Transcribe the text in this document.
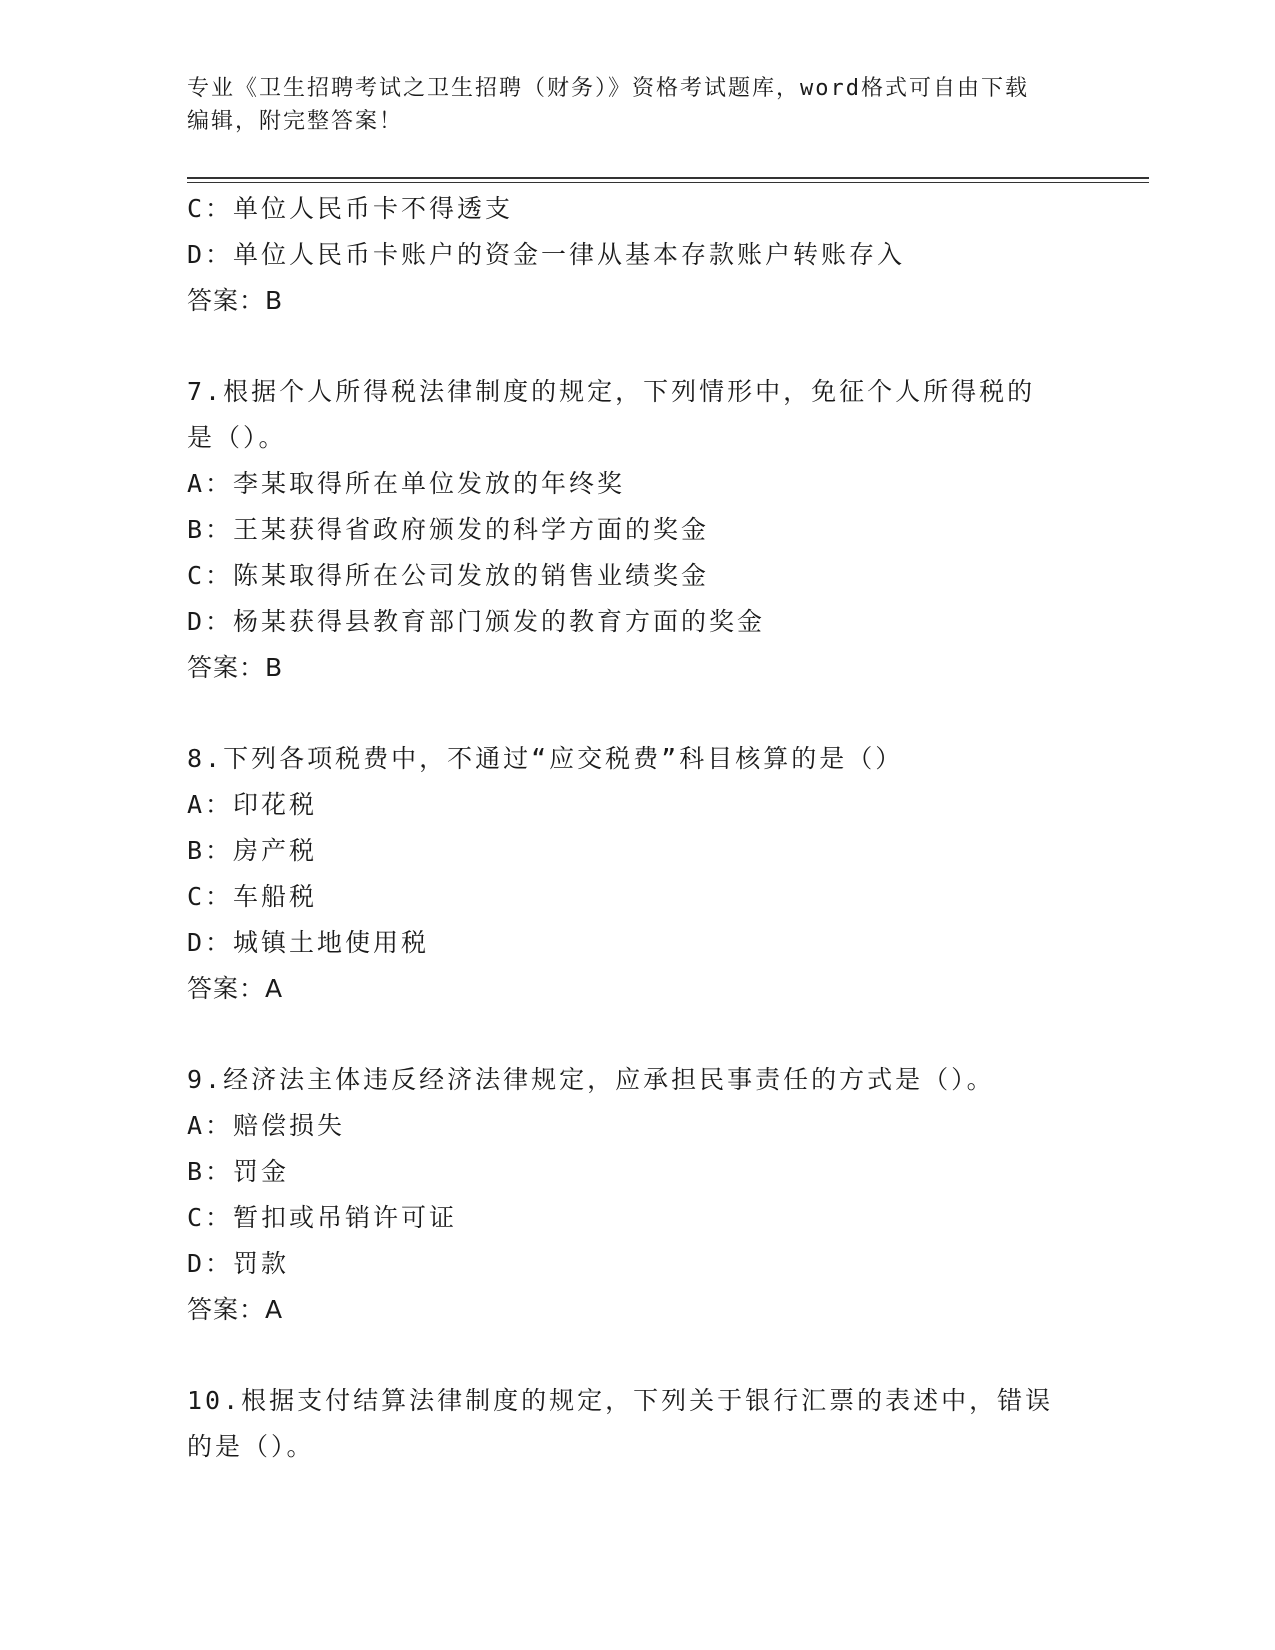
专业《卫生招聘考试之卫生招聘（财务）》资格考试题库，word格式可自由下载
编辑，附完整答案！
C：单位人民币卡不得透支
D：单位人民币卡账户的资金一律从基本存款账户转账存入
答案：B
7.根据个人所得税法律制度的规定，下列情形中，免征个人所得税的
是（）。
A：李某取得所在单位发放的年终奖
B：王某获得省政府颁发的科学方面的奖金
C：陈某取得所在公司发放的销售业绩奖金
D：杨某获得县教育部门颁发的教育方面的奖金
答案：B
8.下列各项税费中，不通过“应交税费”科目核算的是（）
A：印花税
B：房产税
C：车船税
D：城镇土地使用税
答案：A
9.经济法主体违反经济法律规定，应承担民事责任的方式是（）。
A：赔偿损失
B：罚金
C：暂扣或吊销许可证
D：罚款
答案：A
10.根据支付结算法律制度的规定，下列关于银行汇票的表述中，错误
的是（）。
